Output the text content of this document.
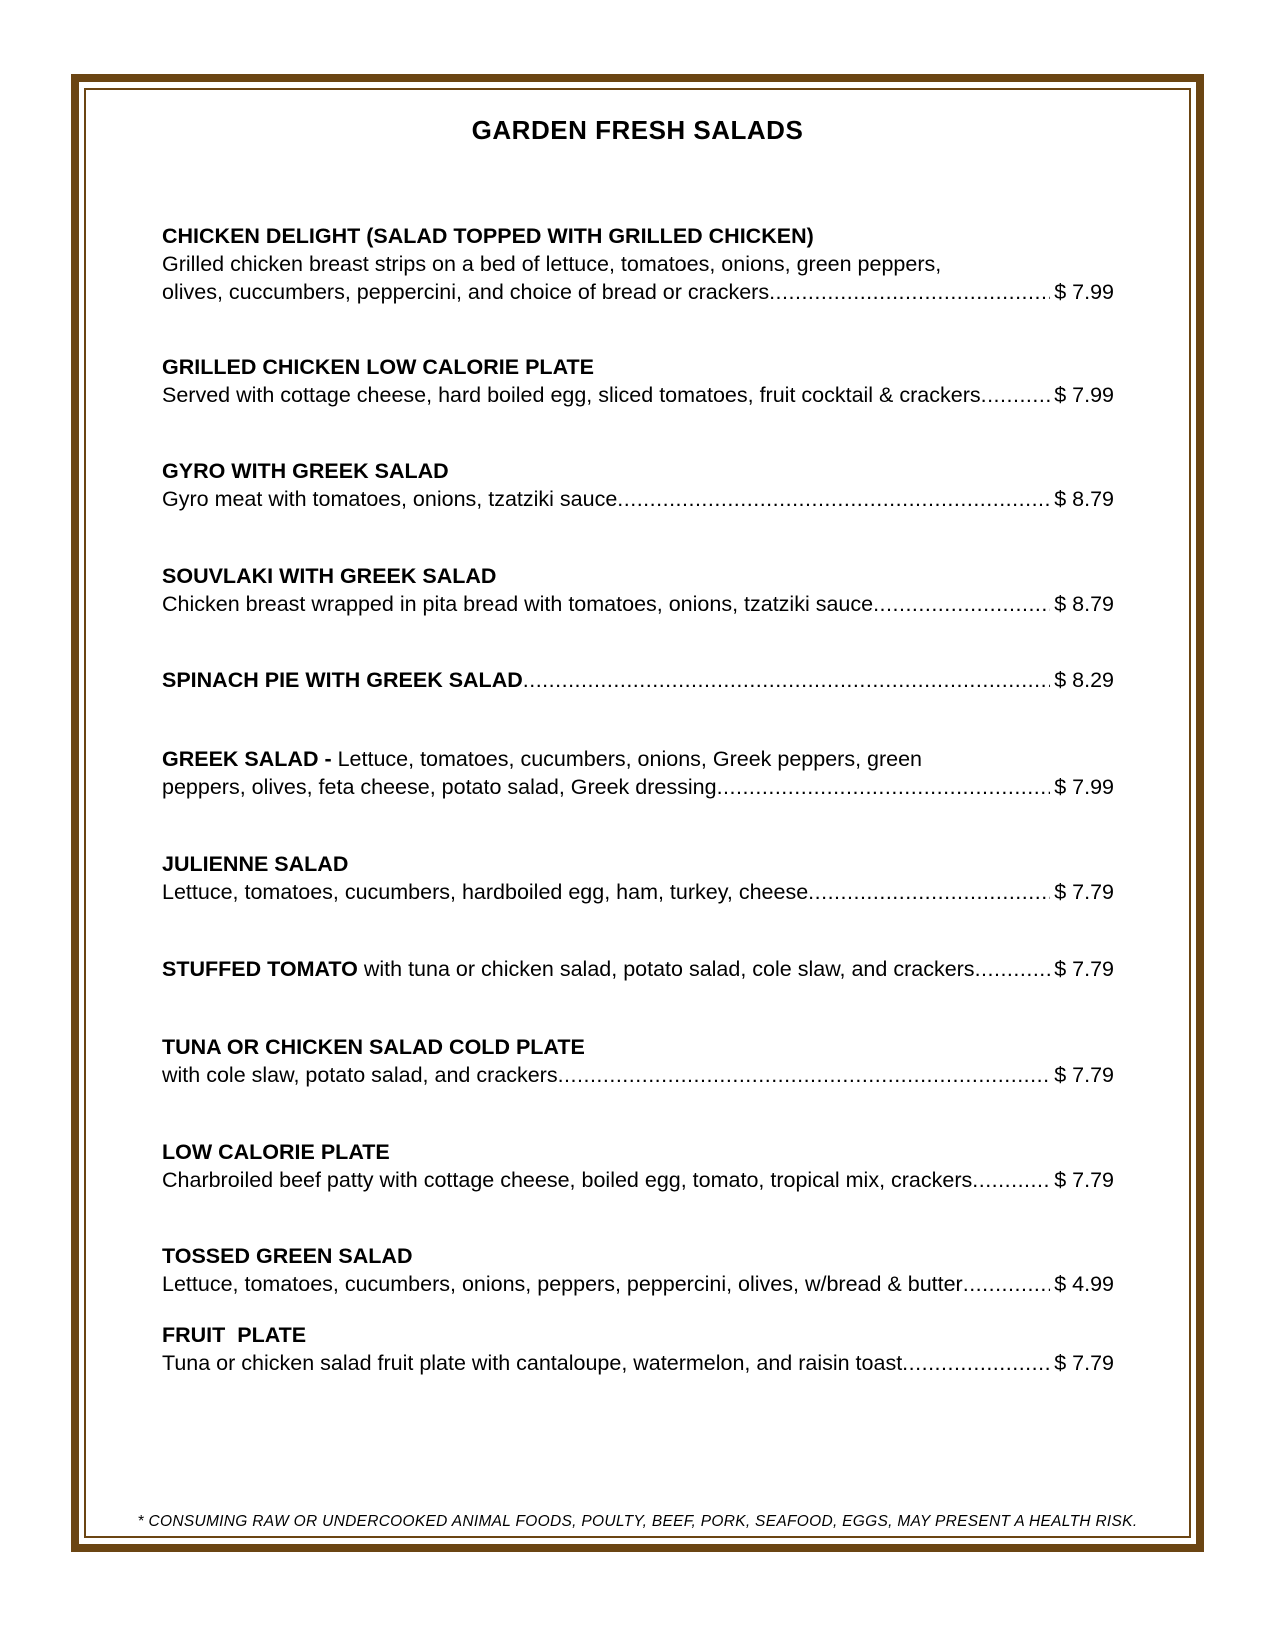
GARDEN FRESH SALADS
CHICKEN DELIGHT (SALAD TOPPED WITH GRILLED CHICKEN)
Grilled chicken breast strips on a bed of lettuce, tomatoes, onions, green peppers,
olives, cuccumbers, peppercini, and choice of bread or crackers .....	$ 7.99
GRILLED CHICKEN LOW CALORIE PLATE
Served with cottage cheese, hard boiled egg, sliced tomatoes, fruit cocktail & crackers .....	$ 7.99
GYRO WITH GREEK SALAD
Gyro meat with tomatoes, onions, tzatziki sauce .....	$ 8.79
SOUVLAKI WITH GREEK SALAD
Chicken breast wrapped in pita bread with tomatoes, onions, tzatziki sauce .....	$ 8.79
SPINACH PIE WITH GREEK SALAD .....	$ 8.29
GREEK SALAD - Lettuce, tomatoes, cucumbers, onions, Greek peppers, green
peppers, olives, feta cheese, potato salad, Greek dressing .....	$ 7.99
JULIENNE SALAD
Lettuce, tomatoes, cucumbers, hardboiled egg, ham, turkey, cheese .....	$ 7.79
STUFFED TOMATO with tuna or chicken salad, potato salad, cole slaw, and crackers .....	$ 7.79
TUNA OR CHICKEN SALAD COLD PLATE
with cole slaw, potato salad, and crackers .....	$ 7.79
LOW CALORIE PLATE
Charbroiled beef patty with cottage cheese, boiled egg, tomato, tropical mix, crackers .....	$ 7.79
TOSSED GREEN SALAD
Lettuce, tomatoes, cucumbers, onions, peppers, peppercini, olives, w/bread & butter .....	$ 4.99
FRUIT  PLATE
Tuna or chicken salad fruit plate with cantaloupe, watermelon, and raisin toast .....	$ 7.79
* CONSUMING RAW OR UNDERCOOKED ANIMAL FOODS, POULTY, BEEF, PORK, SEAFOOD, EGGS, MAY PRESENT A HEALTH RISK.
